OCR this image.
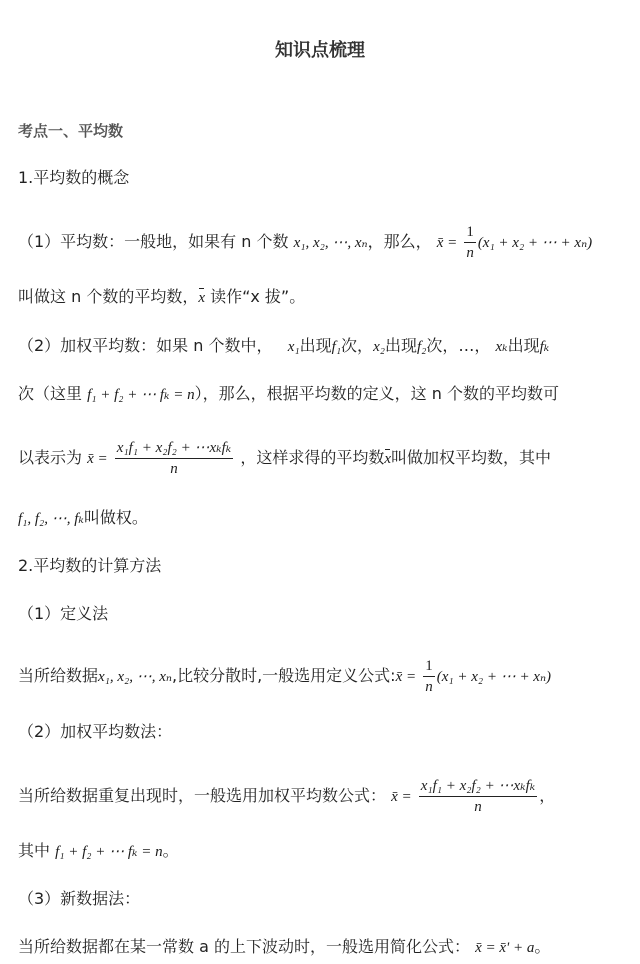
知识点梳理
考点一、平均数
1.平均数的概念
（1）平均数：一般地，如果有 n 个数 x₁, x₂, ⋯, xₙ，那么， x̄ = $\frac{1}{n} (x_1 + x_2$ + ⋯ + xₙ)
叫做这 n 个数的平均数，x 读作“x 拔”。
（2）加权平均数：如果 n 个数中， x₁出现f₁次，x₂出现f₂次，…， xₖ出现fₖ
次（这里 f₁ + f₂ + ⋯ fₖ = n），那么，根据平均数的定义，这 n 个数的平均数可
以表示为 x̄ = $\frac{\text{x₁f₁ + x₂f₂ + ⋯xₖfₖ}}{n}$ ，这样求得的平均数x叫做加权平均数，其中
f₁, f₂, ⋯, fₖ叫做权。
2.平均数的计算方法
（1）定义法
当所给数据x₁, x₂, ⋯, xₙ,比较分散时,一般选用定义公式:x̄ = $\frac{1}{n} (x_1 + x_2$ + ⋯ + xₙ)
（2）加权平均数法：
当所给数据重复出现时，一般选用加权平均数公式： x̄ = $\frac{\text{x₁f₁ + x₂f₂ + ⋯xₖfₖ}}{n}$ ，
其中 f₁ + f₂ + ⋯ fₖ = n。
（3）新数据法：
当所给数据都在某一常数 a 的上下波动时，一般选用简化公式： x̄ = x̄' + a。
